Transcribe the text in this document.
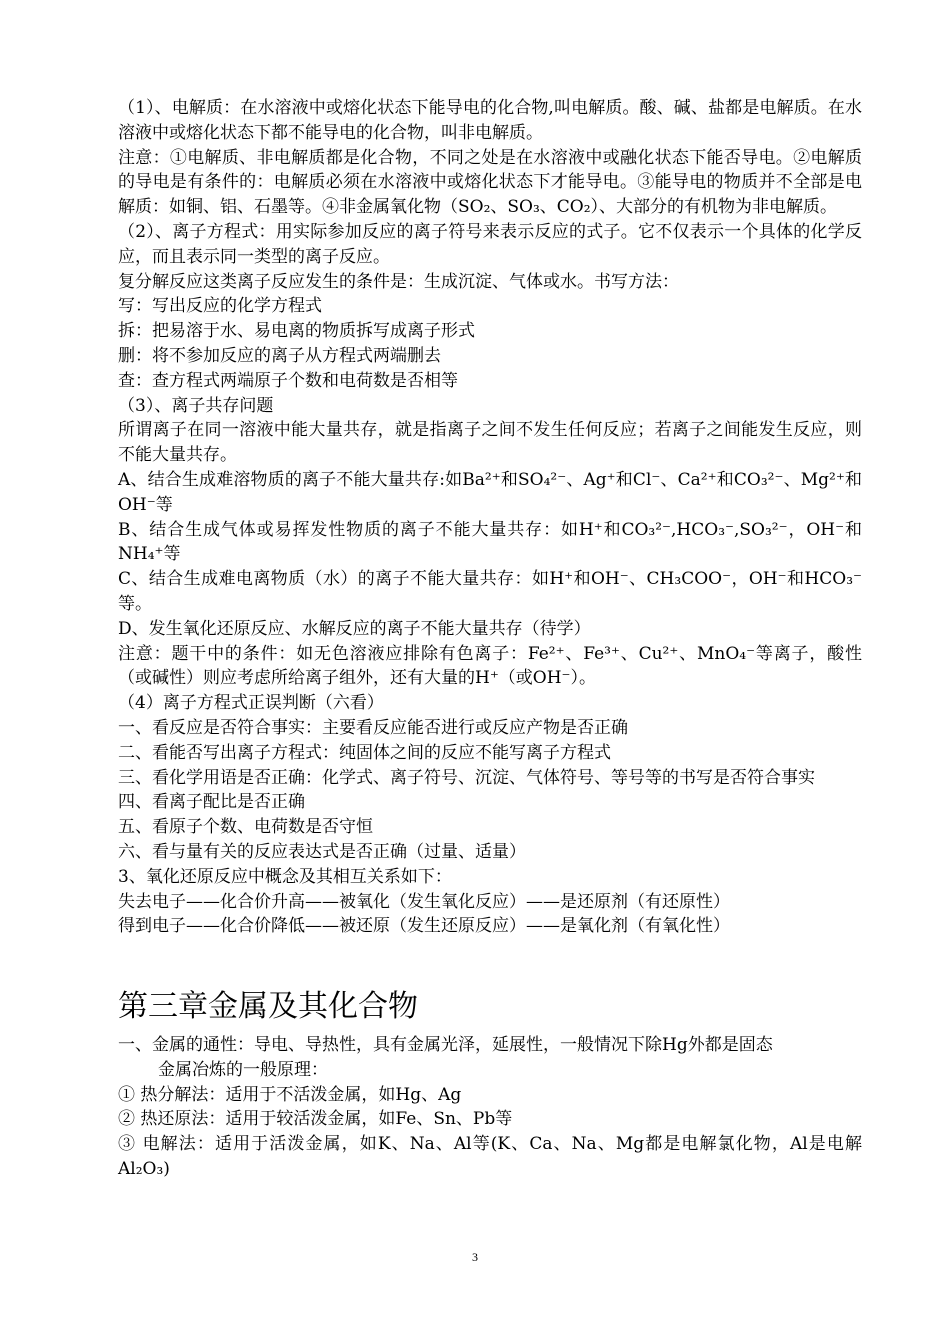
（1）、电解质：在水溶液中或熔化状态下能导电的化合物,叫电解质。酸、碱、盐都是电解质。在水溶液中或熔化状态下都不能导电的化合物，叫非电解质。

注意：①电解质、非电解质都是化合物，不同之处是在水溶液中或融化状态下能否导电。②电解质的导电是有条件的：电解质必须在水溶液中或熔化状态下才能导电。③能导电的物质并不全部是电解质：如铜、铝、石墨等。④非金属氧化物（SO₂、SO₃、CO₂）、大部分的有机物为非电解质。

（2）、离子方程式：用实际参加反应的离子符号来表示反应的式子。它不仅表示一个具体的化学反应，而且表示同一类型的离子反应。

复分解反应这类离子反应发生的条件是：生成沉淀、气体或水。书写方法：

写：写出反应的化学方程式

拆：把易溶于水、易电离的物质拆写成离子形式

删：将不参加反应的离子从方程式两端删去

查：查方程式两端原子个数和电荷数是否相等

（3）、离子共存问题

所谓离子在同一溶液中能大量共存，就是指离子之间不发生任何反应；若离子之间能发生反应，则不能大量共存。

A、结合生成难溶物质的离子不能大量共存:如Ba²⁺和SO₄²⁻、Ag⁺和Cl⁻、Ca²⁺和CO₃²⁻、Mg²⁺和OH⁻等

B、结合生成气体或易挥发性物质的离子不能大量共存：如H⁺和CO₃²⁻,HCO₃⁻,SO₃²⁻，OH⁻和NH₄⁺等

C、结合生成难电离物质（水）的离子不能大量共存：如H⁺和OH⁻、CH₃COO⁻，OH⁻和HCO₃⁻等。

D、发生氧化还原反应、水解反应的离子不能大量共存（待学）

注意：题干中的条件：如无色溶液应排除有色离子：Fe²⁺、Fe³⁺、Cu²⁺、MnO₄⁻等离子，酸性（或碱性）则应考虑所给离子组外，还有大量的H⁺（或OH⁻）。

（4）离子方程式正误判断（六看）

一、看反应是否符合事实：主要看反应能否进行或反应产物是否正确

二、看能否写出离子方程式：纯固体之间的反应不能写离子方程式

三、看化学用语是否正确：化学式、离子符号、沉淀、气体符号、等号等的书写是否符合事实

四、看离子配比是否正确

五、看原子个数、电荷数是否守恒

六、看与量有关的反应表达式是否正确（过量、适量）

3、氧化还原反应中概念及其相互关系如下：

失去电子——化合价升高——被氧化（发生氧化反应）——是还原剂（有还原性）

得到电子——化合价降低——被还原（发生还原反应）——是氧化剂（有氧化性）

第三章金属及其化合物

一、金属的通性：导电、导热性，具有金属光泽，延展性，一般情况下除Hg外都是固态

金属冶炼的一般原理：

① 热分解法：适用于不活泼金属，如Hg、Ag

② 热还原法：适用于较活泼金属，如Fe、Sn、Pb等

③ 电解法：适用于活泼金属，如K、Na、Al等(K、Ca、Na、Mg都是电解氯化物，Al是电解Al₂O₃)

3
